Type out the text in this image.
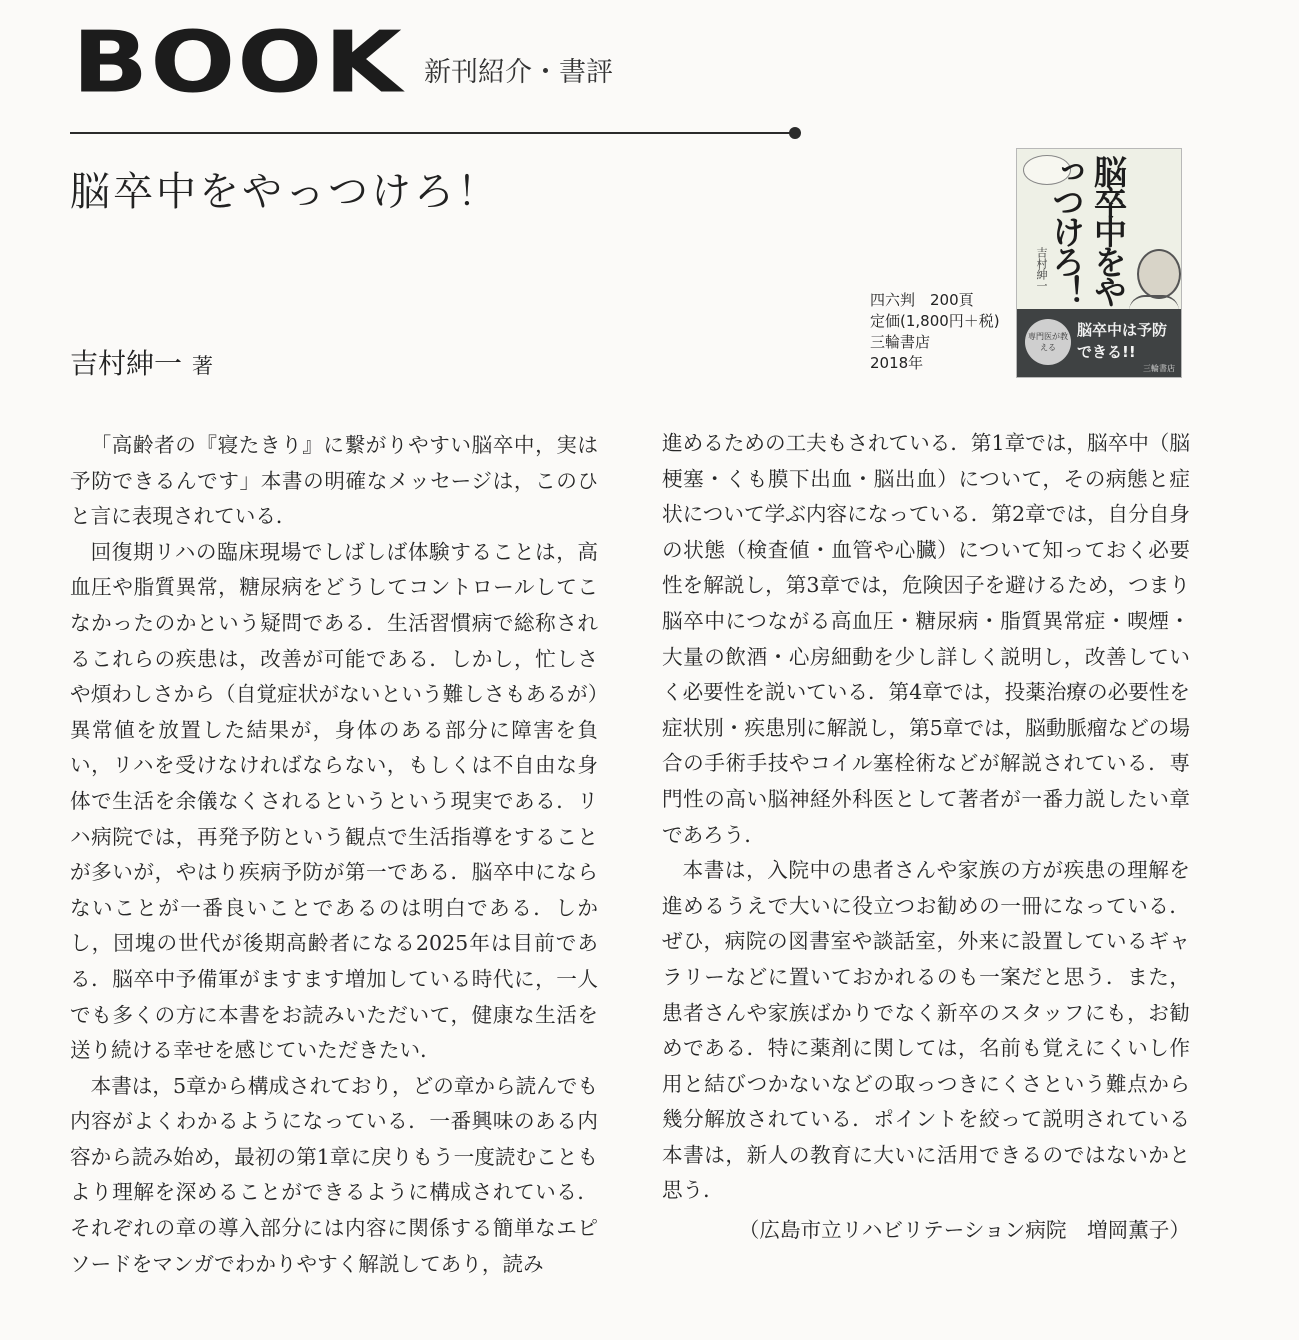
BOOK 新刊紹介・書評
脳卒中をやっつけろ！
吉村紳一 著
脳卒中をやっつけろ！
吉村紳一
専門医が教える
脳卒中は予防できる!!
三輪書店
四六判　200頁
定価(1,800円＋税)
三輪書店
2018年

「高齢者の『寝たきり』に繋がりやすい脳卒中，実は予防できるんです」本書の明確なメッセージは，このひと言に表現されている．

回復期リハの臨床現場でしばしば体験することは，高血圧や脂質異常，糖尿病をどうしてコントロールしてこなかったのかという疑問である．生活習慣病で総称されるこれらの疾患は，改善が可能である．しかし，忙しさや煩わしさから（自覚症状がないという難しさもあるが）異常値を放置した結果が，身体のある部分に障害を負い，リハを受けなければならない，もしくは不自由な身体で生活を余儀なくされるというという現実である．リハ病院では，再発予防という観点で生活指導をすることが多いが，やはり疾病予防が第一である．脳卒中にならないことが一番良いことであるのは明白である．しかし，団塊の世代が後期高齢者になる2025年は目前である．脳卒中予備軍がますます増加している時代に，一人でも多くの方に本書をお読みいただいて，健康な生活を送り続ける幸せを感じていただきたい．

本書は，5章から構成されており，どの章から読んでも内容がよくわかるようになっている．一番興味のある内容から読み始め，最初の第1章に戻りもう一度読むこともより理解を深めることができるように構成されている．それぞれの章の導入部分には内容に関係する簡単なエピソードをマンガでわかりやすく解説してあり，読み

進めるための工夫もされている．第1章では，脳卒中（脳梗塞・くも膜下出血・脳出血）について，その病態と症状について学ぶ内容になっている．第2章では，自分自身の状態（検査値・血管や心臓）について知っておく必要性を解説し，第3章では，危険因子を避けるため，つまり脳卒中につながる高血圧・糖尿病・脂質異常症・喫煙・大量の飲酒・心房細動を少し詳しく説明し，改善していく必要性を説いている．第4章では，投薬治療の必要性を症状別・疾患別に解説し，第5章では，脳動脈瘤などの場合の手術手技やコイル塞栓術などが解説されている．専門性の高い脳神経外科医として著者が一番力説したい章であろう．

本書は，入院中の患者さんや家族の方が疾患の理解を進めるうえで大いに役立つお勧めの一冊になっている．ぜひ，病院の図書室や談話室，外来に設置しているギャラリーなどに置いておかれるのも一案だと思う．また，患者さんや家族ばかりでなく新卒のスタッフにも，お勧めである．特に薬剤に関しては，名前も覚えにくいし作用と結びつかないなどの取っつきにくさという難点から幾分解放されている．ポイントを絞って説明されている本書は，新人の教育に大いに活用できるのではないかと思う．

（広島市立リハビリテーション病院　増岡薫子）
